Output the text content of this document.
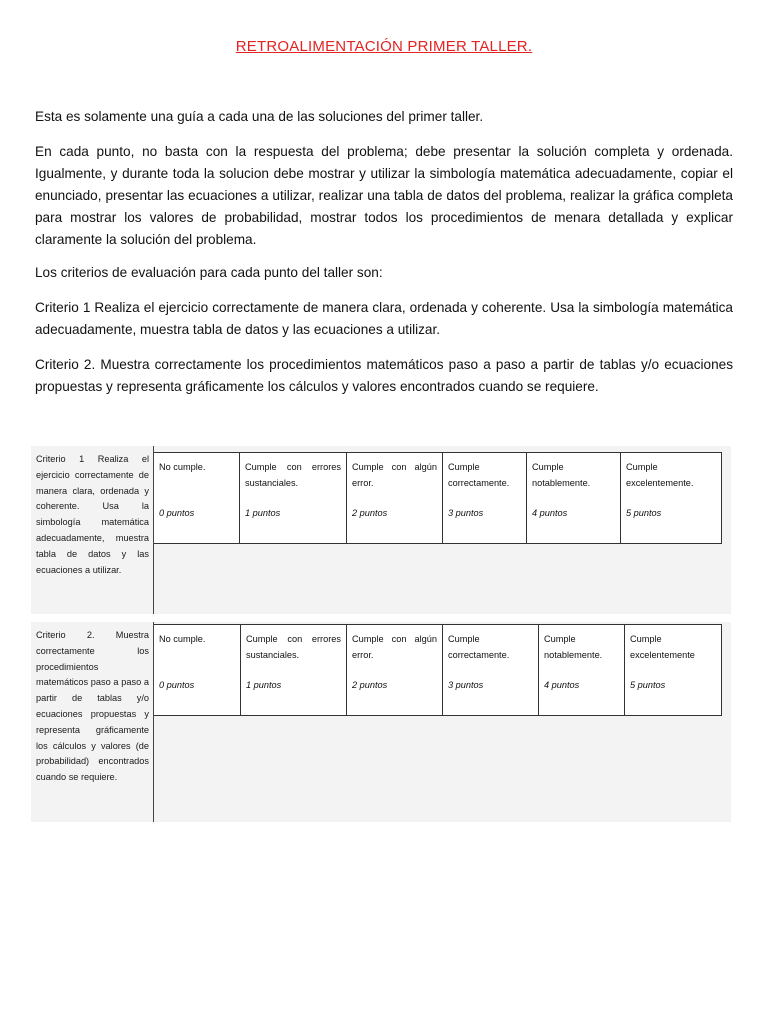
RETROALIMENTACIÓN PRIMER TALLER.

Esta es solamente una guía a cada una de las soluciones del primer taller.

En cada punto, no basta con la respuesta del problema; debe presentar la solución completa y ordenada. Igualmente, y durante toda la solucion debe mostrar y utilizar la simbología matemática adecuadamente, copiar el enunciado, presentar las ecuaciones a utilizar, realizar una tabla de datos del problema, realizar la gráfica completa para mostrar los valores de probabilidad, mostrar todos los procedimientos de menara detallada y explicar claramente la solución del problema.

Los criterios de evaluación para cada punto del taller son:

Criterio 1 Realiza el ejercicio correctamente de manera clara, ordenada y coherente. Usa la simbología matemática adecuadamente, muestra tabla de datos y las ecuaciones a utilizar.

Criterio 2. Muestra correctamente los procedimientos matemáticos paso a paso a partir de tablas y/o ecuaciones propuestas y representa gráficamente los cálculos y valores encontrados cuando se requiere.

Criterio 1 Realiza el ejercicio correctamente de manera clara, ordenada y coherente. Usa la simbología matemática adecuadamente, muestra tabla de datos y las ecuaciones a utilizar.
No cumple.
0 puntos
Cumple con errores sustanciales.
1 puntos
Cumple con algún error.
2 puntos
Cumple correctamente.
3 puntos
Cumple notablemente.
4 puntos
Cumple excelentemente.
5 puntos
Criterio 2. Muestra correctamente los procedimientos matemáticos paso a paso a partir de tablas y/o ecuaciones propuestas y representa gráficamente los cálculos y valores (de probabilidad) encontrados cuando se requiere.
No cumple.
0 puntos
Cumple con errores sustanciales.
1 puntos
Cumple con algún error.
2 puntos
Cumple correctamente.
3 puntos
Cumple notablemente.
4 puntos
Cumple excelentemente
5 puntos
